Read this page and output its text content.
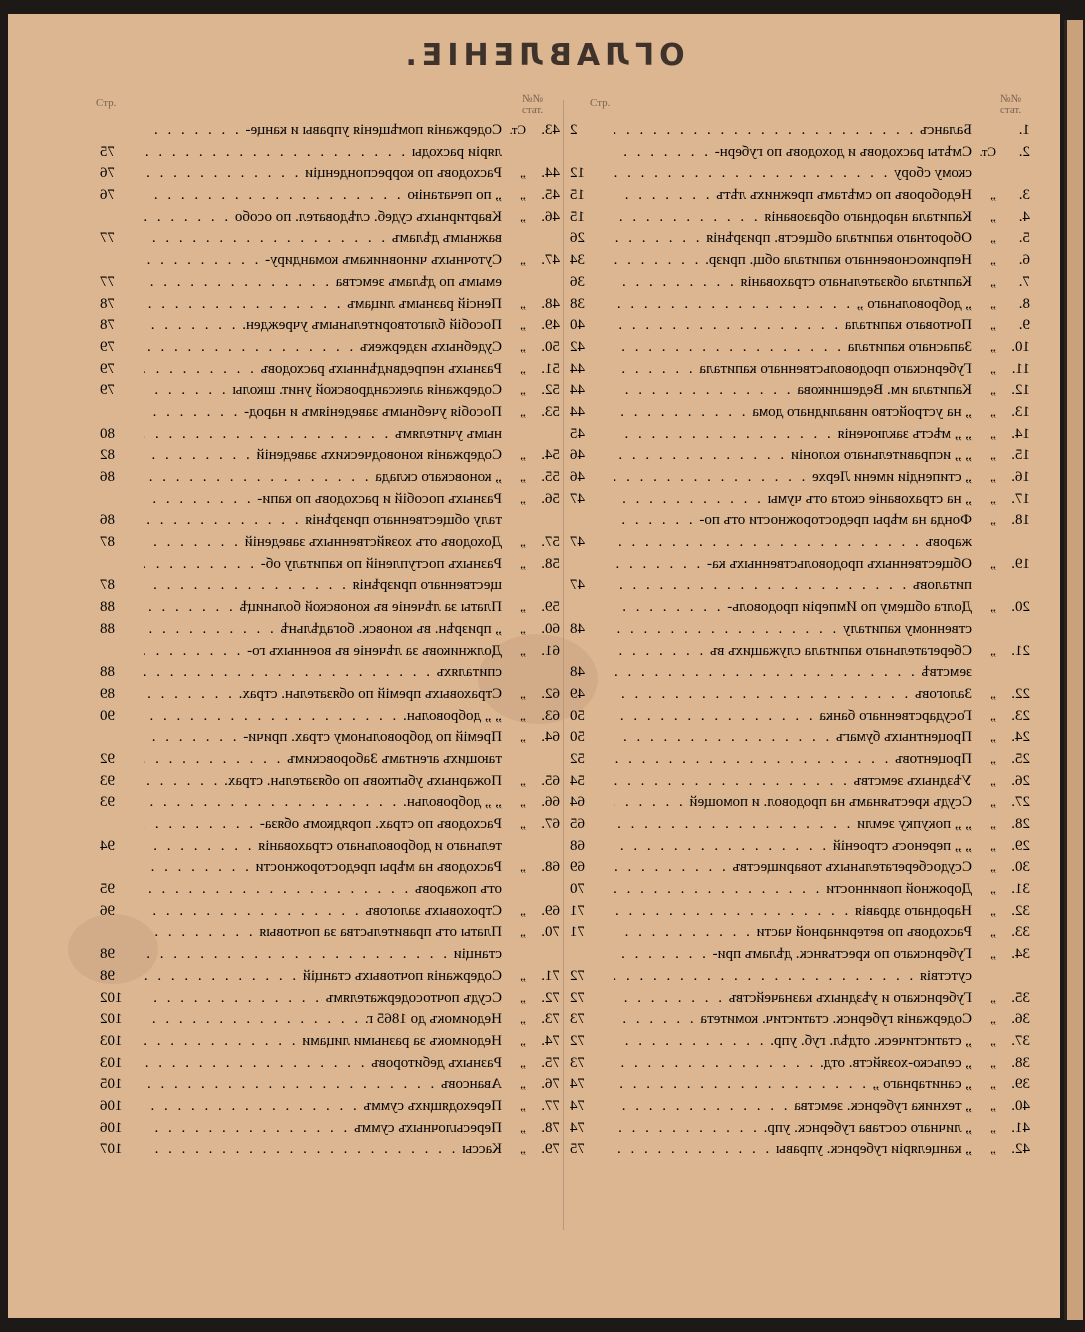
ОГЛАВЛЕНІЕ.
№№ стат.
Стр.
№№ стат.
Стр.
1.
Балансъ . . .
2
2.
Ст.
Смѣты расходовъ и доходовъ по губерн- . . .
скому сбору . . .
12
3.
„
Недоборовъ по смѣтамъ прежнихъ лѣтъ . . .
15
4.
„
Капитала народнаго образованія . . .
15
5.
„
Оборотнаго капитала обществ. призрѣнія . . .
26
6.
„
Неприкосновеннаго капитала общ. призр. . . .
34
7.
„
Капитала обязательнаго страхованія . . .
36
8.
„
„ добровольнаго „ . . .
38
9.
„
Почтоваго капитала . . .
40
10.
„
Запаснаго капитала . . .
42
11.
„
Губернскаго продовольственнаго капитала . . .
44
12.
„
Капитала им. Ведешникова . . .
44
13.
„
„ на устройство инвалиднаго дома . . .
44
14.
„
„ „ мѣстъ заключенія . . .
45
15.
„
„ „ исправительнаго колоніи . . .
46
16.
„
„ стипендіи имени Лерхе . . .
46
17.
„
„ на страхованіе скота отъ чумы . . .
47
18.
„
Фонда на мѣры предосторожности отъ по- . . .
жаровъ . . .
47
19.
„
Общественныхъ продовольственныхъ ка- . . .
питаловъ . . .
47
20.
„
Долга общему по Имперіи продоволь- . . .
ственному капиталу . . .
48
21.
„
Сберегательнаго капитала служащихъ въ . . .
земствѣ . . .
48
22.
„
Залоговъ . . .
49
23.
„
Государственнаго банка . . .
50
24.
„
Процентныхъ бумагъ . . .
50
25.
„
Процентовъ . . .
52
26.
„
Уѣздныхъ земствъ . . .
54
27.
„
Ссудъ крестьянамъ на продовол. и помощей . . .
64
28.
„
„ „ покупку земли . . .
65
29.
„
„ „ переносъ строеній . . .
68
30.
„
Ссудосберегательныхъ товариществъ . . .
69
31.
„
Дорожной повинности . . .
70
32.
„
Народнаго здравія . . .
71
33.
„
Расходовъ по ветеринарной части . . .
71
34.
„
Губернскаго по крестьянск. дѣламъ при- . . .
сутствія . . .
72
35.
„
Губернскаго и уѣздныхъ казначействъ . . .
72
36.
„
Содержанія губернск. статистич. комитета . . .
73
37.
„
„ статистическ. отдѣл. губ. упр. . . .
72
38.
„
„ сельско-хозяйств. отд. . . .
73
39.
„
„ санитарнаго „ . . .
74
40.
„
„ техника губернск. земства . . .
74
41.
„
„ личнаго состава губернск. упр. . . .
74
42.
„
„ канцеляріи губернск. управы . . .
75
43.
Ст.
Содержанія помѣщенія управы и канце- . . .
ляріи расходы . . .
75
44.
„
Расходовъ по корреспонденціи . . .
76
45.
„
„ по печатанію . . .
76
46.
„
Квартирныхъ судеб. слѣдовател. по особо . . .
важнымъ дѣламъ . . .
77
47.
„
Суточныхъ чиновникамъ командиру- . . .
емымъ по дѣламъ земства . . .
77
48.
„
Пенсій разнымъ лицамъ . . .
78
49.
„
Пособій благотворительнымъ учрежден. . . .
78
50.
„
Судебныхъ издержекъ . . .
79
51.
„
Разныхъ непредвидѣнныхъ расходовъ . . .
79
52.
„
Содержанія александровской унит. школы . . .
79
53.
„
Пособія учебнымъ заведеніямъ и народ- . . .
нымъ учителямъ . . .
80
54.
„
Содержанія коноводческихъ заведеній . . .
82
55.
„
„ коновскаго склада . . .
86
56.
„
Разныхъ пособій и расходовъ по капи- . . .
талу общественнаго призрѣнія . . .
86
57.
„
Доходовъ отъ хозяйственныхъ заведеній . . .
87
58.
„
Разныхъ поступленій по капиталу об- . . .
щественнаго призрѣнія . . .
87
59.
„
Платы за лѣченіе въ коновской больницѣ . . .
88
60.
„
„ призрѣн. въ коновск. богадѣльнѣ . . .
88
61.
„
Должниковъ за лѣченіе въ военныхъ го- . . .
спиталяхъ . . .
88
62.
„
Страховыхъ премій по обязательн. страх. . . .
89
63.
„
„ „ добровольн. . . .
90
64.
„
Премій по добровольному страх. причи- . . .
тающихъ агентамъ Заборовскимъ . . .
92
65.
„
Пожарныхъ убытковъ по обязательн. страх. . . .
93
66.
„
„ „ добровольн. . . .
93
67.
„
Расходовъ по страх. порядкомъ обяза- . . .
тельнаго и добровольнаго страхованія . . .
94
68.
„
Расходовъ на мѣры предосторожности . . .
отъ пожаровъ . . .
95
69.
„
Строховыхъ залоговъ . . .
96
70.
„
Платы отъ правительства за почтовыя . . .
станціи . . .
98
71.
„
Содержанія почтовыхъ станцій . . .
98
72.
„
Ссудъ почтосодержателямъ . . .
102
73.
„
Недоимокъ до 1865 г. . . .
102
74.
„
Недоимокъ за разными лицами . . .
103
75.
„
Разныхъ дебиторовъ . . .
103
76.
„
Авансовъ . . .
105
77.
„
Переходящихъ суммъ . . .
106
78.
„
Пересылочныхъ суммъ . . .
106
79.
„
Кассы . . .
107
